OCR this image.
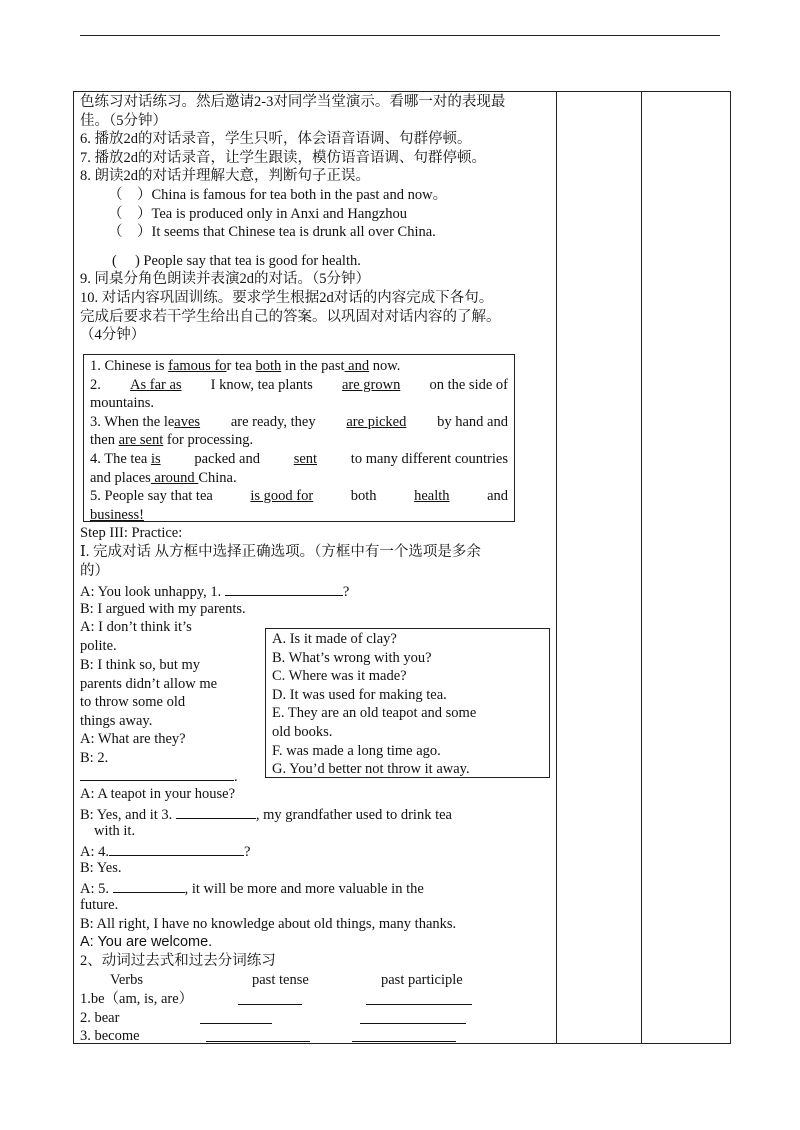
色练习对话练习。然后邀请2-3对同学当堂演示。看哪一对的表现最
佳。（5分钟）
6. 播放2d的对话录音，学生只听，体会语音语调、句群停顿。
7. 播放2d的对话录音，让学生跟读，模仿语音语调、句群停顿。
8. 朗读2d的对话并理解大意，判断句子正误。
（　）China is famous for tea both in the past and now。
（　）Tea is produced only in Anxi and Hangzhou
（　）It seems that Chinese tea is drunk all over China.
(　 ) People say that tea is good for health.
9. 同桌分角色朗读并表演2d的对话。（5分钟）
10. 对话内容巩固训练。要求学生根据2d对话的内容完成下各句。
完成后要求若干学生给出自己的答案。以巩固对对话内容的了解。
（4分钟）
1. Chinese is famous for tea both in the past and now.
2. As far as I know, tea plants are grown on the side of
mountains.
3. When the leaves are ready, they are picked by hand and
then are sent for processing.
4. The tea is packed and sent to many different countries
and places around China.
5. People say that tea	is good for	both	health	and
business!
Step III: Practice:
Ⅰ. 完成对话 从方框中选择正确选项。（方框中有一个选项是多余
的）
A: You look unhappy, 1.	?
B: I argued with my parents.
A: I don’t think it’s
polite.
B: I think so, but my
parents didn’t allow me
to throw some old
things away.
A: What are they?
B: 2.
.
A. Is it made of clay?
B. What’s wrong with you?
C. Where was it made?
D. It was used for making tea.
E. They are an old teapot and some
old books.
F. was made a long time ago.
G. You’d better not throw it away.
A: A teapot in your house?
B: Yes, and it 3.	, my grandfather used to drink tea
with it.
A: 4.	?
B: Yes.
A: 5.	, it will be more and more valuable in the
future.
B: All right, I have no knowledge about old things, many thanks.
A: You are welcome.
2、动词过去式和过去分词练习
Verbs	past tense	past participle
1.be（am, is, are）
2. bear
3. become
